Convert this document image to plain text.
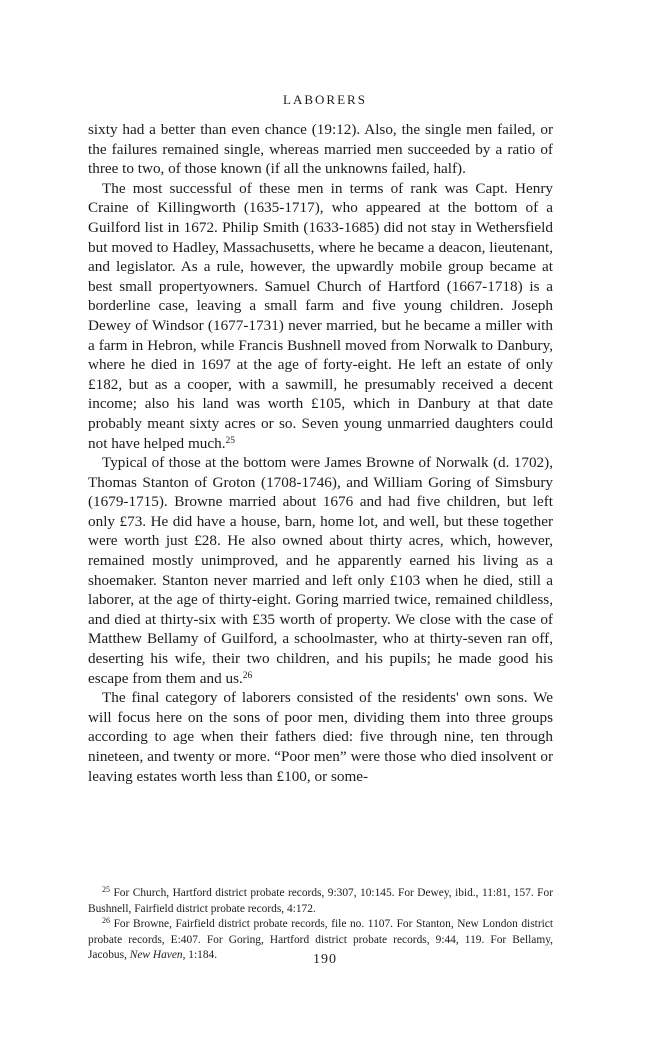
LABORERS

sixty had a better than even chance (19:12). Also, the single men failed, or the failures remained single, whereas married men succeeded by a ratio of three to two, of those known (if all the unknowns failed, half).

The most successful of these men in terms of rank was Capt. Henry Craine of Killingworth (1635-1717), who appeared at the bottom of a Guilford list in 1672. Philip Smith (1633-1685) did not stay in Wethersfield but moved to Hadley, Massachusetts, where he became a deacon, lieutenant, and legislator. As a rule, however, the upwardly mobile group became at best small propertyowners. Samuel Church of Hartford (1667-1718) is a borderline case, leaving a small farm and five young children. Joseph Dewey of Windsor (1677-1731) never married, but he became a miller with a farm in Hebron, while Francis Bushnell moved from Norwalk to Danbury, where he died in 1697 at the age of forty-eight. He left an estate of only £182, but as a cooper, with a sawmill, he presumably received a decent income; also his land was worth £105, which in Danbury at that date probably meant sixty acres or so. Seven young unmarried daughters could not have helped much.$^{25}$

Typical of those at the bottom were James Browne of Norwalk (d. 1702), Thomas Stanton of Groton (1708-1746), and William Goring of Simsbury (1679-1715). Browne married about 1676 and had five children, but left only £73. He did have a house, barn, home lot, and well, but these together were worth just £28. He also owned about thirty acres, which, however, remained mostly unimproved, and he apparently earned his living as a shoemaker. Stanton never married and left only £103 when he died, still a laborer, at the age of thirty-eight. Goring married twice, remained childless, and died at thirty-six with £35 worth of property. We close with the case of Matthew Bellamy of Guilford, a schoolmaster, who at thirty-seven ran off, deserting his wife, their two children, and his pupils; he made good his escape from them and us.$^{26}$

The final category of laborers consisted of the residents' own sons. We will focus here on the sons of poor men, dividing them into three groups according to age when their fathers died: five through nine, ten through nineteen, and twenty or more. “Poor men” were those who died insolvent or leaving estates worth less than £100, or some-

$^{25}$ For Church, Hartford district probate records, 9:307, 10:145. For Dewey, ibid., 11:81, 157. For Bushnell, Fairfield district probate records, 4:172.

$^{26}$ For Browne, Fairfield district probate records, file no. 1107. For Stanton, New London district probate records, E:407. For Goring, Hartford district probate records, 9:44, 119. For Bellamy, Jacobus, New Haven, 1:184.	190
